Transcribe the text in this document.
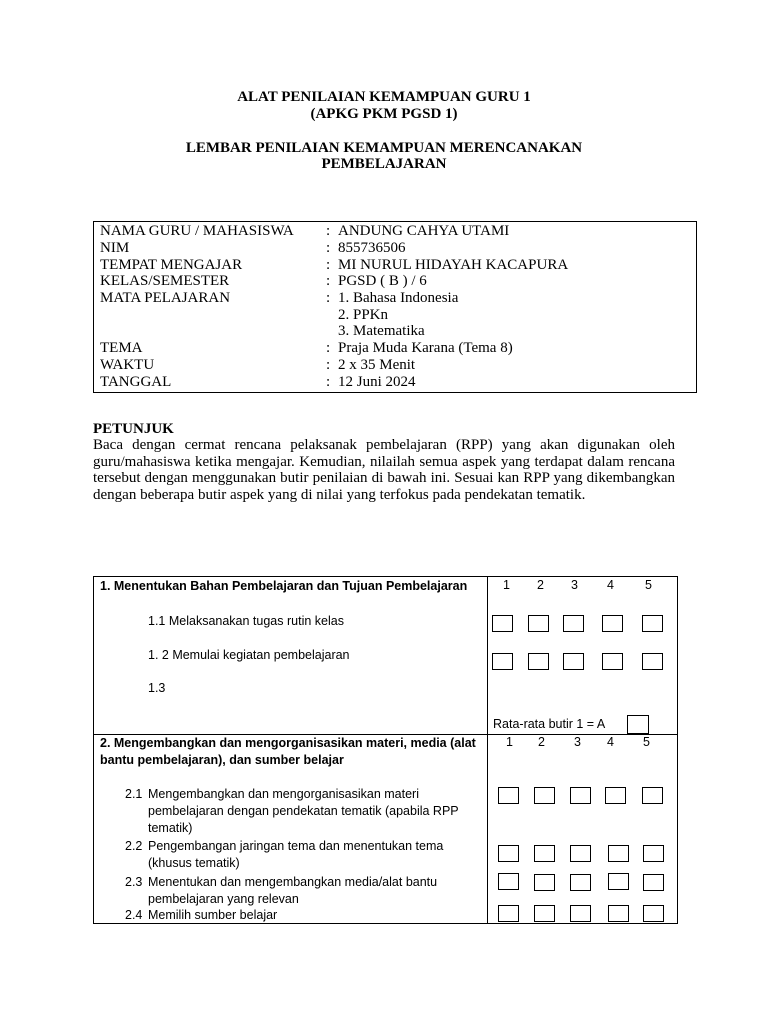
ALAT PENILAIAN KEMAMPUAN GURU 1
(APKG PKM PGSD 1)
LEMBAR PENILAIAN KEMAMPUAN MERENCANAKAN
PEMBELAJARAN
NAMA GURU / MAHASISWA	: ANDUNG CAHYA UTAMI
NIM	: 855736506
TEMPAT MENGAJAR	: MI NURUL HIDAYAH KACAPURA
KELAS/SEMESTER	: PGSD ( B ) / 6
MATA PELAJARAN	: 1. Bahasa Indonesia
2. PPKn
3. Matematika
TEMA	: Praja Muda Karana (Tema 8)
WAKTU	: 2 x 35 Menit
TANGGAL	: 12 Juni 2024
PETUNJUK
Baca dengan cermat rencana pelaksanak pembelajaran (RPP) yang akan digunakan oleh guru/mahasiswa ketika mengajar. Kemudian, nilailah semua aspek yang terdapat dalam rencana tersebut dengan menggunakan butir penilaian di bawah ini. Sesuai kan RPP yang dikembangkan dengan beberapa butir aspek yang di nilai yang terfokus pada pendekatan tematik.
1. Menentukan Bahan Pembelajaran dan Tujuan Pembelajaran	1 2 3 4 5
1.1 Melaksanakan tugas rutin kelas
1. 2 Memulai kegiatan pembelajaran
1.3
Rata-rata butir 1 = A
2. Mengembangkan dan mengorganisasikan materi, media (alat
bantu pembelajaran), dan sumber belajar
1 2 3 4 5
2.1 Mengembangkan dan mengorganisasikan materi
pembelajaran dengan pendekatan tematik (apabila RPP
tematik)
2.2 Pengembangan jaringan tema dan menentukan tema
(khusus tematik)
2.3 Menentukan dan mengembangkan media/alat bantu
pembelajaran yang relevan
2.4 Memilih sumber belajar
